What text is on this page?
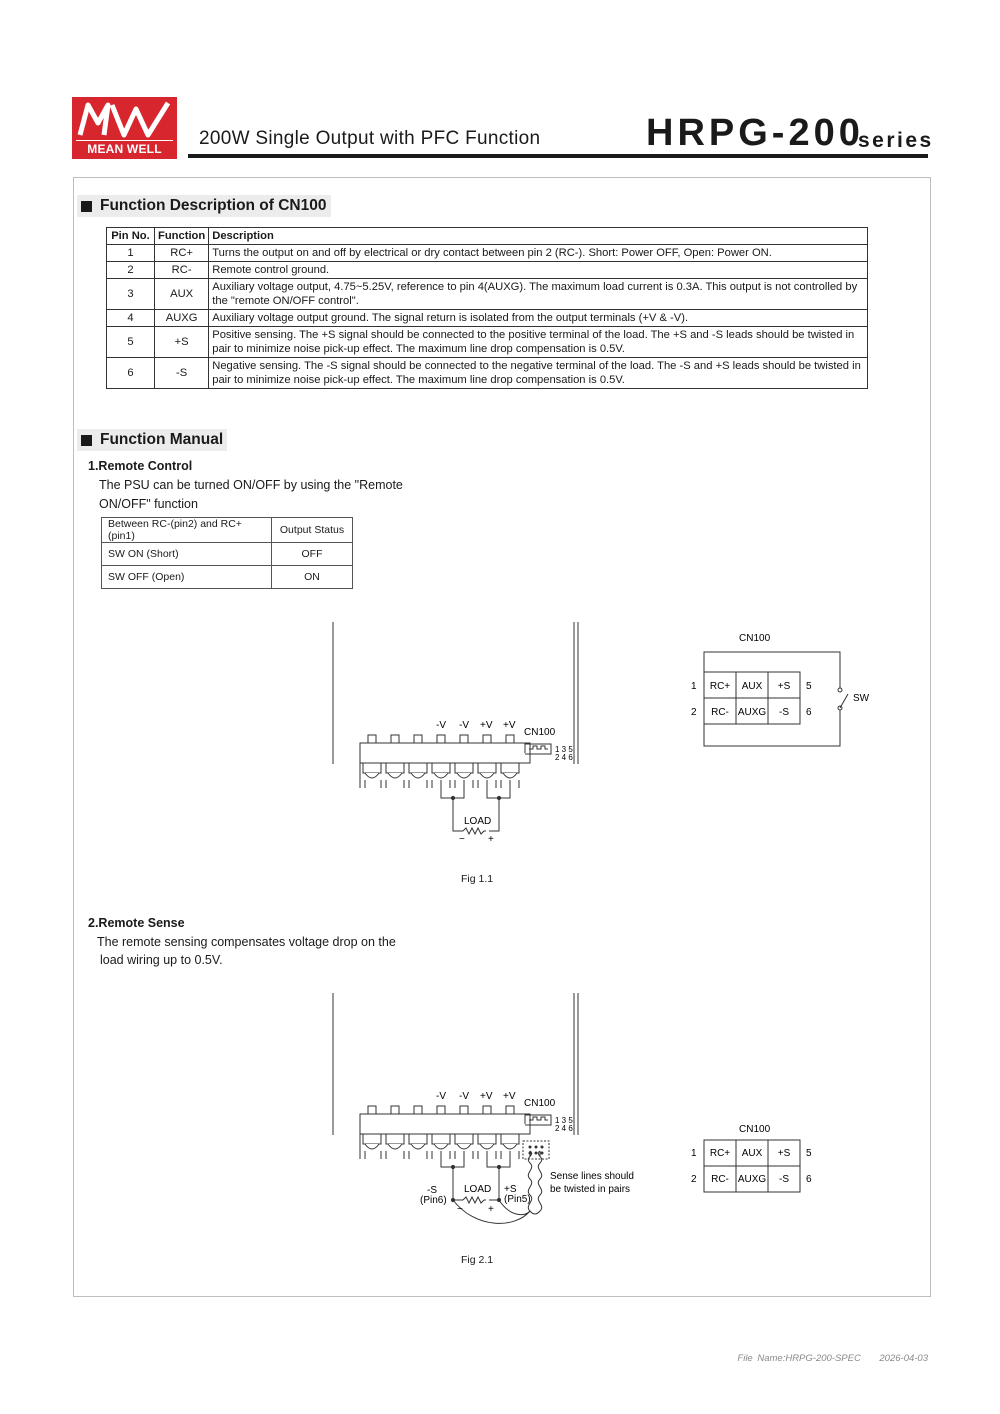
MEAN WELL	200W Single Output with PFC Function	HRPG-200
series
Function Description of CN100
Pin No.	Function	Description
1	RC+	Turns the output on and off by electrical or dry contact between pin 2 (RC-). Short: Power OFF, Open: Power ON.
2	RC-	Remote control ground.
3	AUX	Auxiliary voltage output, 4.75~5.25V, reference to pin 4(AUXG). The maximum load current is 0.3A. This output is not controlled by the "remote ON/OFF control".
4	AUXG	Auxiliary voltage output ground. The signal return is isolated from the output terminals (+V & -V).
5	+S	Positive sensing. The +S signal should be connected to the positive terminal of the load. The +S and -S leads should be twisted in pair to minimize noise pick-up effect. The maximum line drop compensation is 0.5V.
6	-S	Negative sensing. The -S signal should be connected to the negative terminal of the load. The -S and +S leads should be twisted in pair to minimize noise pick-up effect. The maximum line drop compensation is 0.5V.
Function Manual
1.Remote Control
The PSU can be turned ON/OFF by using the "Remote
ON/OFF" function
Between RC-(pin2) and RC+(pin1)	Output Status
SW ON (Short)	OFF
SW OFF (Open)	ON
-V -V +V +V
CN100
1 3 5
2 4 6
LOAD
− +
CN100
1 RC+ AUX +S 5
2 RC- AUXG -S 6
SW
Fig 1.1
2.Remote Sense
The remote sensing compensates voltage drop on the
load wiring up to 0.5V.
-V -V +V +V
CN100
1 3 5
2 4 6
LOAD
-S
(Pin6)
+S
(Pin5)
Sense lines should
be twisted in pairs
−	+
CN100
1 RC+ AUX +S 5
2 RC- AUXG -S 6
Fig 2.1
File Name:HRPG-200-SPEC 2026-04-03
